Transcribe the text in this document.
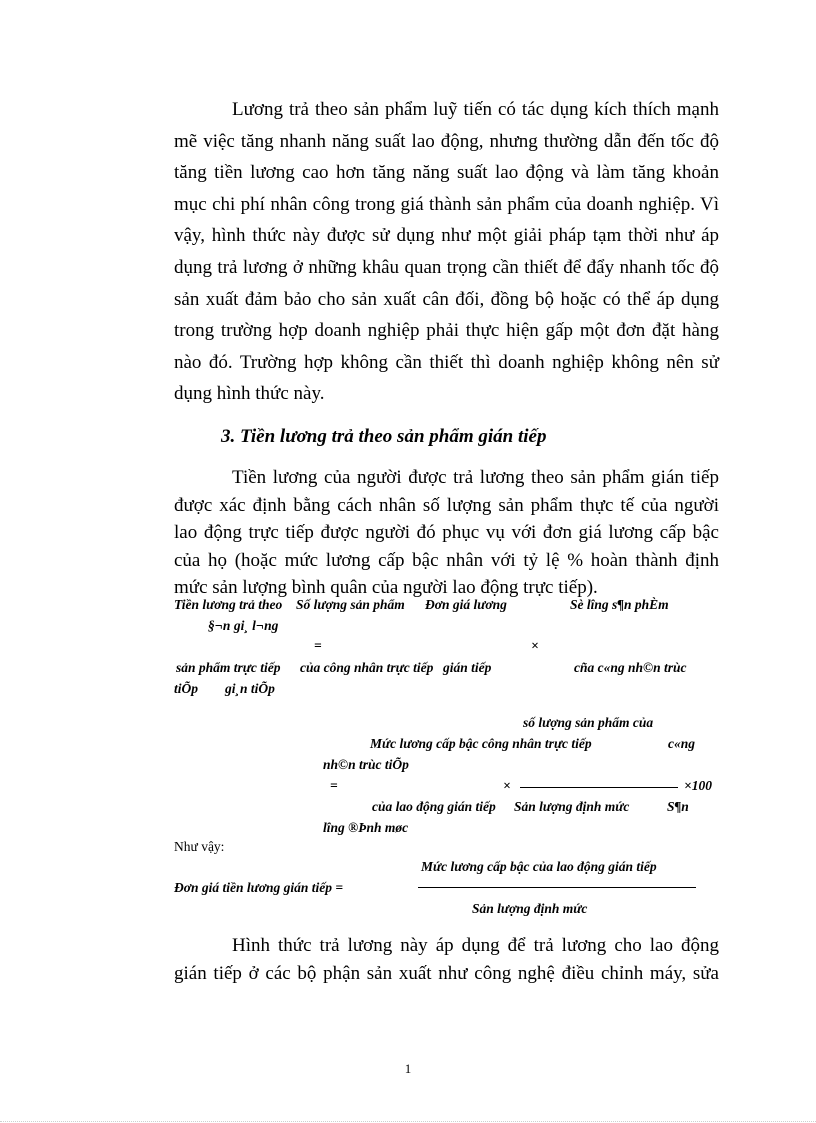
Lương trả theo sản phẩm luỹ tiến có tác dụng kích thích mạnh
mẽ việc tăng nhanh năng suất lao động, nhưng thường dẫn đến tốc độ
tăng tiền lương cao hơn tăng năng suất lao động và làm tăng khoản
mục chi phí nhân công trong giá thành sản phẩm của doanh nghiệp. Vì
vậy, hình thức này được sử dụng như một giải pháp tạm thời như áp
dụng trả lương ở những khâu quan trọng cần thiết để đẩy nhanh tốc độ
sản xuất đảm bảo cho sản xuất cân đối, đồng bộ hoặc có thể áp dụng
trong trường hợp doanh nghiệp phải thực hiện gấp một đơn đặt hàng
nào đó. Trường hợp không cần thiết thì doanh nghiệp không nên sử
dụng hình thức này.

3. Tiền lương trả theo sản phẩm gián tiếp

Tiền lương của người được trả lương theo sản phẩm gián tiếp
được xác định bằng cách nhân số lượng sản phẩm thực tế của người
lao động trực tiếp được người đó phục vụ với đơn giá lương cấp bậc
của họ (hoặc mức lương cấp bậc nhân với tỷ lệ % hoàn thành định
mức sản lượng bình quân của người lao động trực tiếp).
Tiền lương trả theo Số lượng sản phẩm Đơn giá lương	Sè lîng s¶n phÈm
§¬n gi¸ l¬ng
=	×
sản phẩm trực tiếp của công nhân trực tiếp gián tiếp	cña c«ng nh©n trùc
tiÕp gi¸n tiÕp
số lượng sản phẩm của
Mức lương cấp bậc công nhân trực tiếp	c«ng
nh©n trùc tiÕp
=	×	×100
của lao động gián tiếp Sản lượng định mức	S¶n
lîng ®Þnh møc
Như vậy:
Mức lương cấp bậc của lao động gián tiếp
Đơn giá tiền lương gián tiếp =
Sản lượng định mức
Hình thức trả lương này áp dụng để trả lương cho lao động
gián tiếp ở các bộ phận sản xuất như công nghệ điều chỉnh máy, sửa
1
